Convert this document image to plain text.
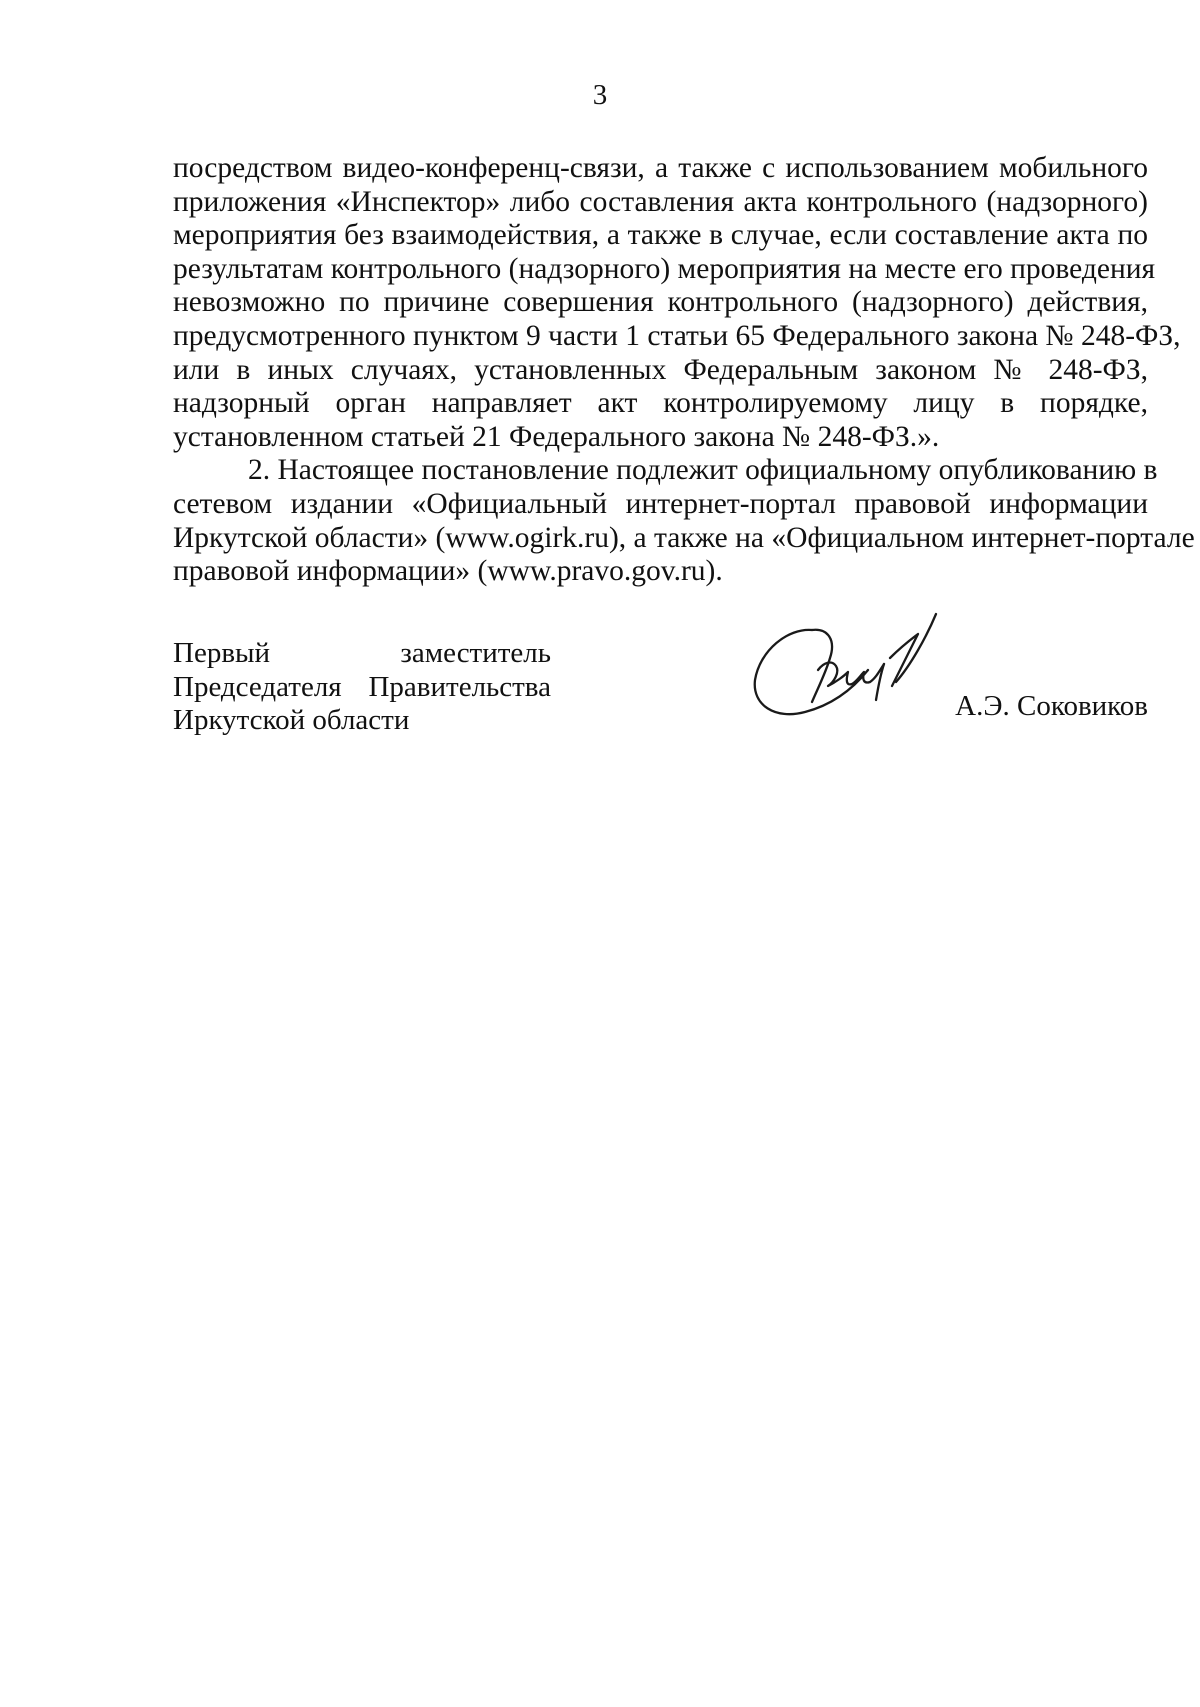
3
посредством видео-конференц-связи, а также с использованием мобильного
приложения «Инспектор» либо составления акта контрольного (надзорного)
мероприятия без взаимодействия, а также в случае, если составление акта по
результатам контрольного (надзорного) мероприятия на месте его проведения
невозможно по причине совершения контрольного (надзорного) действия,
предусмотренного пунктом 9 части 1 статьи 65 Федерального закона № 248-ФЗ,
или в иных случаях, установленных Федеральным законом № 248-ФЗ,
надзорный орган направляет акт контролируемому лицу в порядке,
установленном статьей 21 Федерального закона № 248-ФЗ.».
2. Настоящее постановление подлежит официальному опубликованию в
сетевом издании «Официальный интернет-портал правовой информации
Иркутской области» (www.ogirk.ru), а также на «Официальном интернет-портале
правовой информации» (www.pravo.gov.ru).
Первый заместитель
Председателя Правительства
Иркутской области	А.Э. Соковиков
